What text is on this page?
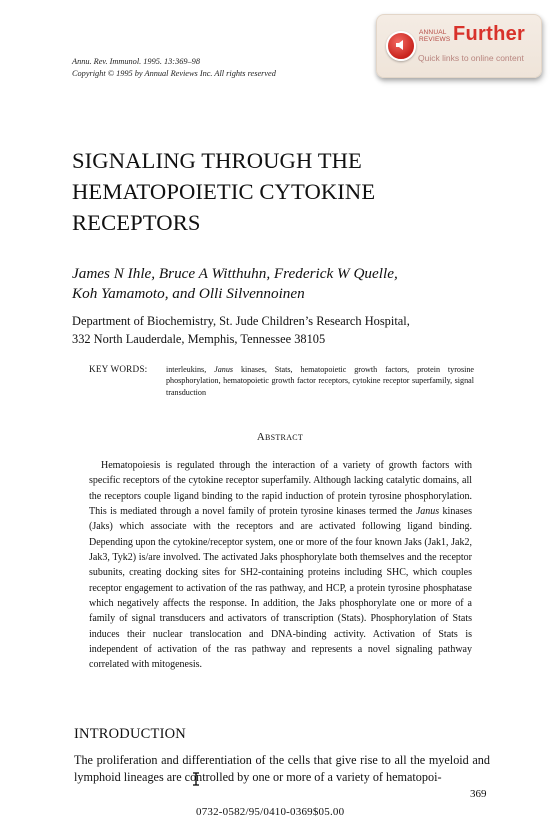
ANNUAL
REVIEWS Further
Quick links to online content
Annu. Rev. Immunol. 1995. 13:369–98
Copyright © 1995 by Annual Reviews Inc. All rights reserved
SIGNALING THROUGH THE
HEMATOPOIETIC CYTOKINE
RECEPTORS
James N Ihle, Bruce A Witthuhn, Frederick W Quelle,
Koh Yamamoto, and Olli Silvennoinen
Department of Biochemistry, St. Jude Children’s Research Hospital,
332 North Lauderdale, Memphis, Tennessee 38105
KEY WORDS: interleukins, Janus kinases, Stats, hematopoietic growth factors, protein tyrosine phosphorylation, hematopoietic growth factor receptors, cytokine receptor superfamily, signal transduction
Abstract

Hematopoiesis is regulated through the interaction of a variety of growth factors with specific receptors of the cytokine receptor superfamily. Although lacking catalytic domains, all the receptors couple ligand binding to the rapid induction of protein tyrosine phosphorylation. This is mediated through a novel family of protein tyrosine kinases termed the Janus kinases (Jaks) which associate with the receptors and are activated following ligand binding. Depending upon the cytokine/receptor system, one or more of the four known Jaks (Jak1, Jak2, Jak3, Tyk2) is/are involved. The activated Jaks phosphorylate both themselves and the receptor subunits, creating docking sites for SH2-containing proteins including SHC, which couples receptor engagement to activation of the ras pathway, and HCP, a protein tyrosine phosphatase which negatively affects the response. In addition, the Jaks phosphorylate one or more of a family of signal transducers and activators of transcription (Stats). Phosphorylation of Stats induces their nuclear translocation and DNA-binding activity. Activation of Stats is independent of activation of the ras pathway and represents a novel signaling pathway correlated with mitogenesis.

INTRODUCTION

The proliferation and differentiation of the cells that give rise to all the myeloid and lymphoid lineages are controlled by one or more of a variety of hematopoi-

369
0732-0582/95/0410-0369$05.00
